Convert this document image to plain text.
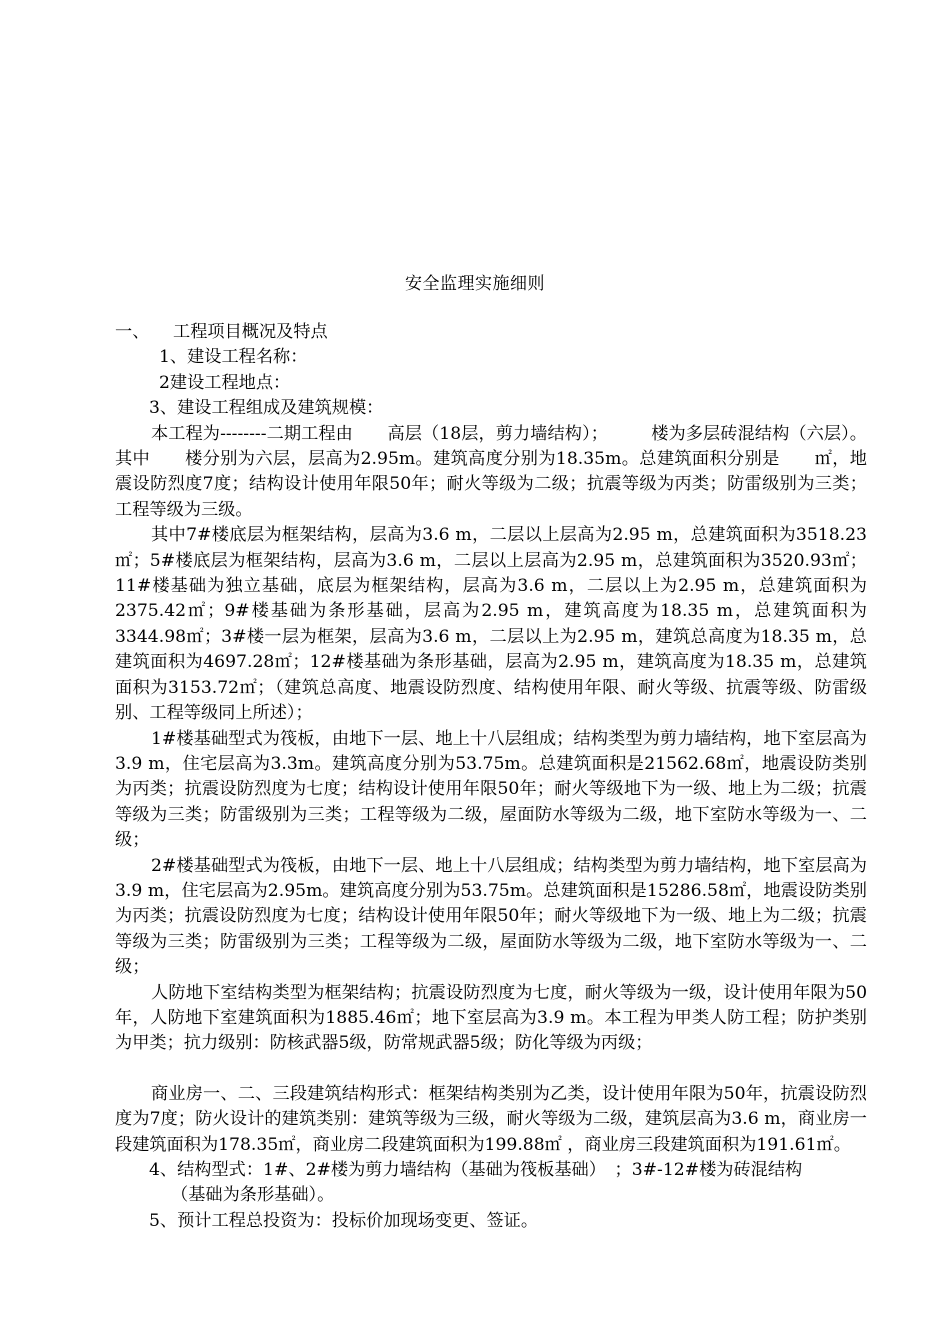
安全监理实施细则

一、	工程项目概况及特点

1、建设工程名称：

2建设工程地点：

3、建设工程组成及建筑规模：

本工程为--------二期工程由　　高层（18层，剪力墙结构）；　　　楼为多层砖混结构（六层）。其中　　楼分别为六层，层高为2.95m。建筑高度分别为18.35m。总建筑面积分别是　　㎡，地震设防烈度7度；结构设计使用年限50年；耐火等级为二级；抗震等级为丙类；防雷级别为三类；工程等级为三级。

其中7#楼底层为框架结构，层高为3.6 m，二层以上层高为2.95 m，总建筑面积为3518.23㎡；5#楼底层为框架结构，层高为3.6 m，二层以上层高为2.95 m，总建筑面积为3520.93㎡；11#楼基础为独立基础，底层为框架结构，层高为3.6 m，二层以上为2.95 m，总建筑面积为2375.42㎡；9#楼基础为条形基础，层高为2.95 m，建筑高度为18.35 m，总建筑面积为3344.98㎡；3#楼一层为框架，层高为3.6 m，二层以上为2.95 m，建筑总高度为18.35 m，总建筑面积为4697.28㎡；12#楼基础为条形基础，层高为2.95 m，建筑高度为18.35 m，总建筑面积为3153.72㎡；（建筑总高度、地震设防烈度、结构使用年限、耐火等级、抗震等级、防雷级别、工程等级同上所述）；

1#楼基础型式为筏板，由地下一层、地上十八层组成；结构类型为剪力墙结构，地下室层高为3.9 m，住宅层高为3.3m。建筑高度分别为53.75m。总建筑面积是21562.68㎡，地震设防类别为丙类；抗震设防烈度为七度；结构设计使用年限50年；耐火等级地下为一级、地上为二级；抗震等级为三类；防雷级别为三类；工程等级为二级，屋面防水等级为二级，地下室防水等级为一、二级；

2#楼基础型式为筏板，由地下一层、地上十八层组成；结构类型为剪力墙结构，地下室层高为3.9 m，住宅层高为2.95m。建筑高度分别为53.75m。总建筑面积是15286.58㎡，地震设防类别为丙类；抗震设防烈度为七度；结构设计使用年限50年；耐火等级地下为一级、地上为二级；抗震等级为三类；防雷级别为三类；工程等级为二级，屋面防水等级为二级，地下室防水等级为一、二级；

人防地下室结构类型为框架结构；抗震设防烈度为七度，耐火等级为一级，设计使用年限为50年，人防地下室建筑面积为1885.46㎡；地下室层高为3.9 m。本工程为甲类人防工程；防护类别为甲类；抗力级别：防核武器5级，防常规武器5级；防化等级为丙级；

商业房一、二、三段建筑结构形式：框架结构类别为乙类，设计使用年限为50年，抗震设防烈度为7度；防火设计的建筑类别：建筑等级为三级，耐火等级为二级，建筑层高为3.6 m，商业房一段建筑面积为178.35㎡，商业房二段建筑面积为199.88㎡ ，商业房三段建筑面积为191.61㎡。

4、结构型式：1#、2#楼为剪力墙结构（基础为筏板基础）　；3#-12#楼为砖混结构

（基础为条形基础）。

5、预计工程总投资为：投标价加现场变更、签证。
